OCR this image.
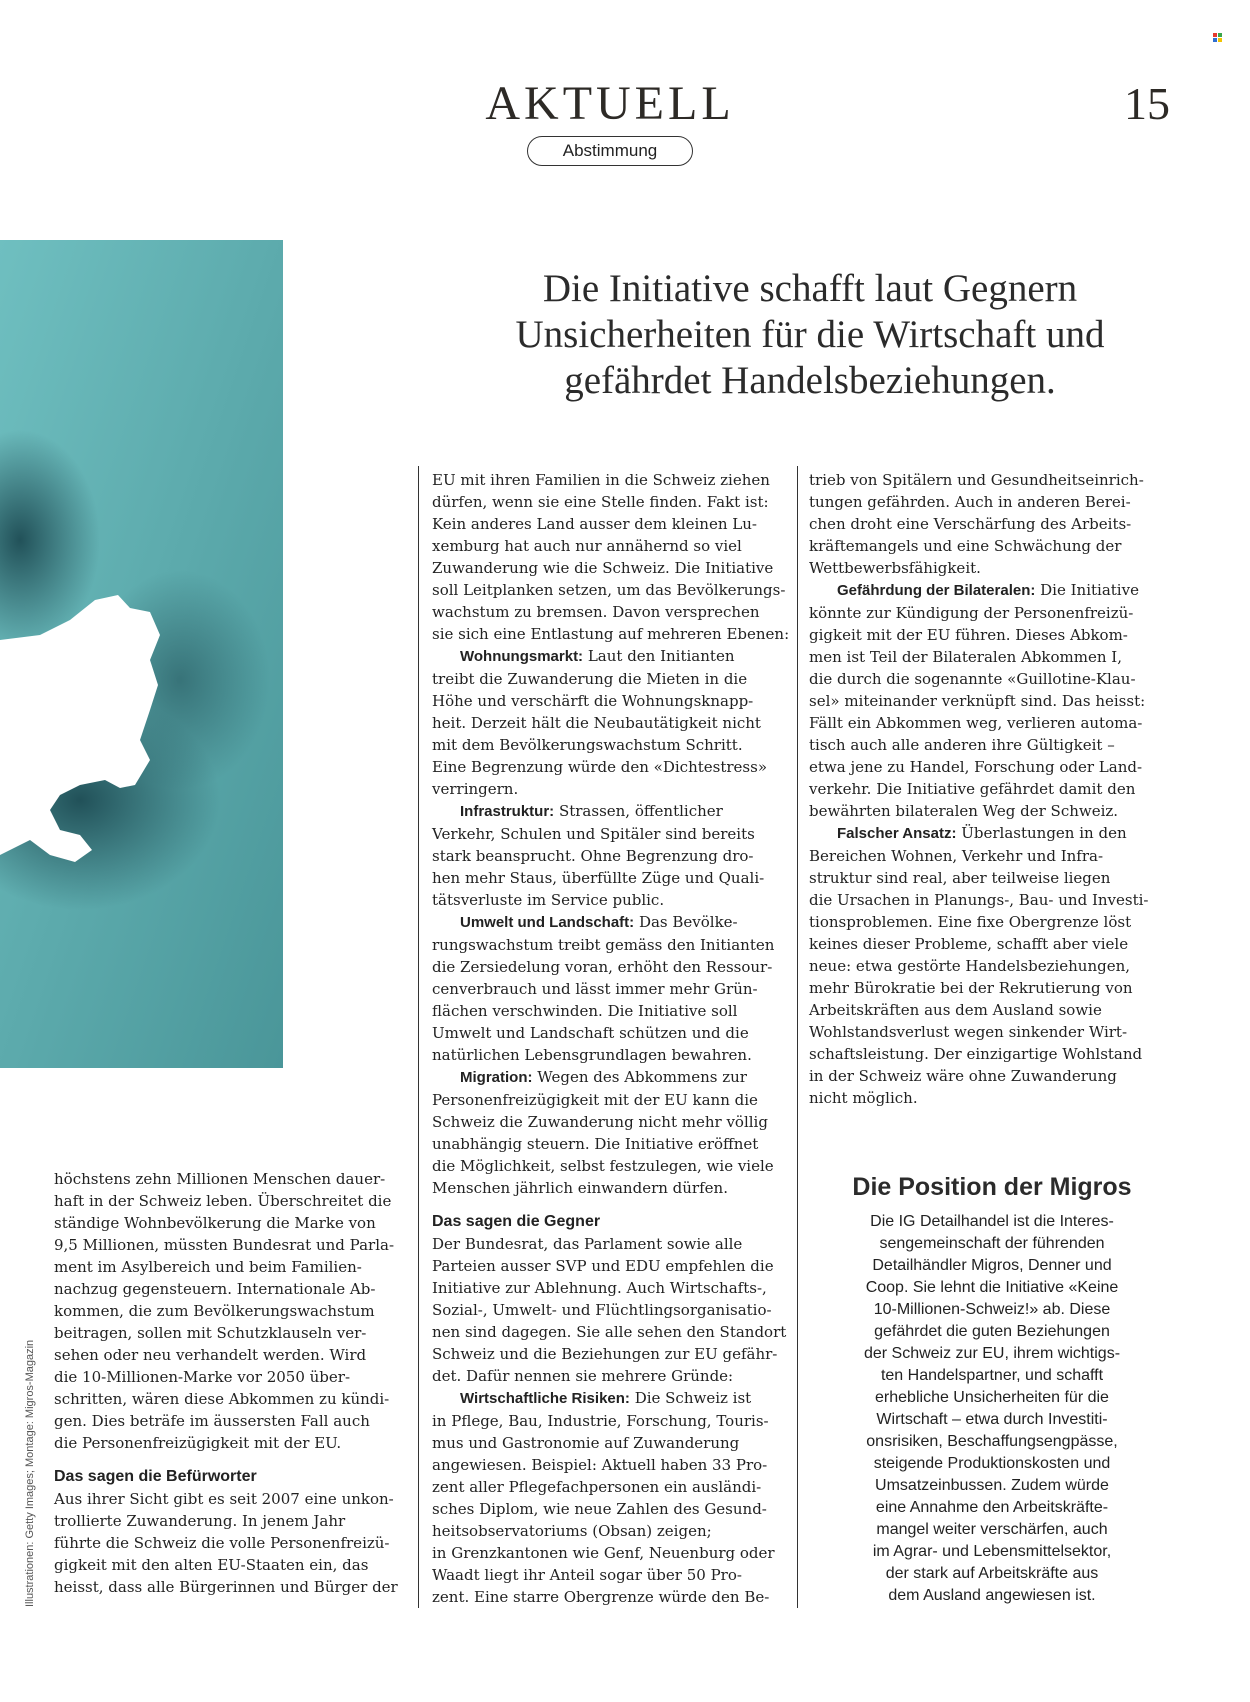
AKTUELL	15
Abstimmung
Illustrationen: Getty Images; Montage: Migros-Magazin
Die Initiative schafft laut Gegnern
Unsicherheiten für die Wirtschaft und
gefährdet Handelsbeziehungen.
höchstens zehn Millionen Menschen dauer-
haft in der Schweiz leben. Überschreitet die
ständige Wohnbevölkerung die Marke von
9,5 Millionen, müssten Bundesrat und Parla-
ment im Asylbereich und beim Familien-
nachzug gegensteuern. Internationale Ab-
kommen, die zum Bevölkerungswachstum
beitragen, sollen mit Schutzklauseln ver-
sehen oder neu verhandelt werden. Wird
die 10-Millionen-Marke vor 2050 über-
schritten, wären diese Abkommen zu kündi-
gen. Dies beträfe im äussersten Fall auch
die Personenfreizügigkeit mit der EU.

Das sagen die Befürworter

Aus ihrer Sicht gibt es seit 2007 eine unkon-
trollierte Zuwanderung. In jenem Jahr
führte die Schweiz die volle Personenfreizü-
gigkeit mit den alten EU-Staaten ein, das
heisst, dass alle Bürgerinnen und Bürger der
EU mit ihren Familien in die Schweiz ziehen
dürfen, wenn sie eine Stelle finden. Fakt ist:
Kein anderes Land ausser dem kleinen Lu-
xemburg hat auch nur annähernd so viel
Zuwanderung wie die Schweiz. Die Initiative
soll Leitplanken setzen, um das Bevölkerungs-
wachstum zu bremsen. Davon versprechen
sie sich eine Entlastung auf mehreren Ebenen:

Wohnungsmarkt: Laut den Initianten

treibt die Zuwanderung die Mieten in die
Höhe und verschärft die Wohnungsknapp-
heit. Derzeit hält die Neubautätigkeit nicht
mit dem Bevölkerungswachstum Schritt.
Eine Begrenzung würde den «Dichtestress»
verringern.

Infrastruktur: Strassen, öffentlicher

Verkehr, Schulen und Spitäler sind bereits
stark beansprucht. Ohne Begrenzung dro-
hen mehr Staus, überfüllte Züge und Quali-
tätsverluste im Service public.

Umwelt und Landschaft: Das Bevölke-

rungswachstum treibt gemäss den Initianten
die Zersiedelung voran, erhöht den Ressour-
cenverbrauch und lässt immer mehr Grün-
flächen verschwinden. Die Initiative soll
Umwelt und Landschaft schützen und die
natürlichen Lebensgrundlagen bewahren.

Migration: Wegen des Abkommens zur

Personenfreizügigkeit mit der EU kann die
Schweiz die Zuwanderung nicht mehr völlig
unabhängig steuern. Die Initiative eröffnet
die Möglichkeit, selbst festzulegen, wie viele
Menschen jährlich einwandern dürfen.

Das sagen die Gegner

Der Bundesrat, das Parlament sowie alle
Parteien ausser SVP und EDU empfehlen die
Initiative zur Ablehnung. Auch Wirtschafts-,
Sozial-, Umwelt- und Flüchtlingsorganisatio-
nen sind dagegen. Sie alle sehen den Standort
Schweiz und die Beziehungen zur EU gefähr-
det. Dafür nennen sie mehrere Gründe:

Wirtschaftliche Risiken: Die Schweiz ist

in Pflege, Bau, Industrie, Forschung, Touris-
mus und Gastronomie auf Zuwanderung
angewiesen. Beispiel: Aktuell haben 33 Pro-
zent aller Pflegefachpersonen ein ausländi-
sches Diplom, wie neue Zahlen des Gesund-
heitsobservatoriums (Obsan) zeigen;
in Grenzkantonen wie Genf, Neuenburg oder
Waadt liegt ihr Anteil sogar über 50 Pro-
zent. Eine starre Obergrenze würde den Be-
trieb von Spitälern und Gesundheitseinrich-
tungen gefährden. Auch in anderen Berei-
chen droht eine Verschärfung des Arbeits-
kräftemangels und eine Schwächung der
Wettbewerbsfähigkeit.

Gefährdung der Bilateralen: Die Initiative

könnte zur Kündigung der Personenfreizü-
gigkeit mit der EU führen. Dieses Abkom-
men ist Teil der Bilateralen Abkommen I,
die durch die sogenannte «Guillotine-Klau-
sel» miteinander verknüpft sind. Das heisst:
Fällt ein Abkommen weg, verlieren automa-
tisch auch alle anderen ihre Gültigkeit –
etwa jene zu Handel, Forschung oder Land-
verkehr. Die Initiative gefährdet damit den
bewährten bilateralen Weg der Schweiz.

Falscher Ansatz: Überlastungen in den

Bereichen Wohnen, Verkehr und Infra-
struktur sind real, aber teilweise liegen
die Ursachen in Planungs-, Bau- und Investi-
tionsproblemen. Eine fixe Obergrenze löst
keines dieser Probleme, schafft aber viele
neue: etwa gestörte Handelsbeziehungen,
mehr Bürokratie bei der Rekrutierung von
Arbeitskräften aus dem Ausland sowie
Wohlstandsverlust wegen sinkender Wirt-
schaftsleistung. Der einzigartige Wohlstand
in der Schweiz wäre ohne Zuwanderung
nicht möglich.
Die Position der Migros
Die IG Detailhandel ist die Interes-
sengemeinschaft der führenden
Detailhändler Migros, Denner und
Coop. Sie lehnt die Initiative «Keine
10-Millionen-Schweiz!» ab. Diese
gefährdet die guten Beziehungen
der Schweiz zur EU, ihrem wichtigs-
ten Handelspartner, und schafft
erhebliche Unsicherheiten für die
Wirtschaft – etwa durch Investiti-
onsrisiken, Beschaffungsengpässe,
steigende Produktionskosten und
Umsatzeinbussen. Zudem würde
eine Annahme den Arbeitskräfte-
mangel weiter verschärfen, auch
im Agrar- und Lebensmittelsektor,
der stark auf Arbeitskräfte aus
dem Ausland angewiesen ist.
